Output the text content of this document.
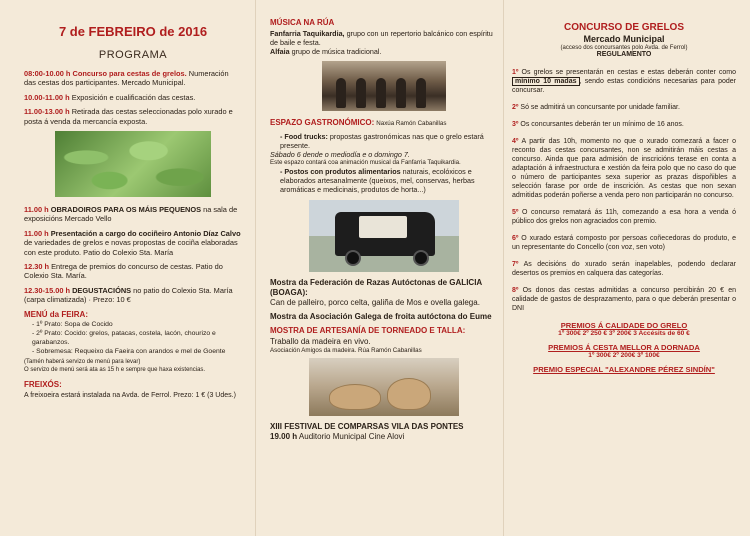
7 de FEBREIRO de 2016
PROGRAMA
08:00-10.00 h Concurso para cestas de grelos. Numeración das cestas dos participantes. Mercado Municipal.
10.00-11.00 h Exposición e cualificación das cestas.
11.00-13.00 h Retirada das cestas seleccionadas polo xurado e posta á venda da mercancía exposta.
11.00 h OBRADOIROS PARA OS MÁIS PEQUENOS na sala de exposicións Mercado Vello
11.00 h Presentación a cargo do cociñeiro Antonio Díaz Calvo de variedades de grelos e novas propostas de cociña elaboradas con este produto. Patio do Colexio Sta. María
12.30 h Entrega de premios do concurso de cestas. Patio do Colexio Sta. María.
12.30-15.00 h DEGUSTACIÓNS no patio do Colexio Sta. María (carpa climatizada) · Prezo: 10 €
MENÚ da FEIRA:
- 1º Prato: Sopa de Cocido
- 2º Prato: Cocido: grelos, patacas, costela, lacón, chourizo e garabanzos.
- Sobremesa: Requeixo da Faeira con arandos e mel de Goente
(Tamén haberá servizo de menú para levar)
O servizo de menú será ata as 15 h e sempre que haxa existencias.
FREIXÓS:
A freixoeira estará instalada na Avda. de Ferrol. Prezo: 1 € (3 Udes.)
MÚSICA NA RÚA
Fanfarria Taquikardia, grupo con un repertorio balcánico con espíritu de baile e festa.
Alfaia grupo de música tradicional.
ESPAZO GASTRONÓMICO: Naxúa Ramón Cabanillas
- Food trucks: propostas gastronómicas nas que o grelo estará presente.
Sábado 6 dende o mediodía e o domingo 7.
Este espazo contará coa animación musical da Fanfarria Taquikardia.
- Postos con produtos alimentarios naturais, ecolóxicos e elaborados artesanalmente (queixos, mel, conservas, herbas aromáticas e medicinais, produtos de horta...)
Mostra da Federación de Razas Autóctonas de GALICIA (BOAGA):
Can de palleiro, porco celta, galiña de Mos e ovella galega.
Mostra da Asociación Galega de froita autóctona do Eume
MOSTRA DE ARTESANÍA DE TORNEADO E TALLA:
Traballo da madeira en vivo.
Asociación Amigos da madeira. Rúa Ramón Cabanillas
XIII FESTIVAL DE COMPARSAS VILA DAS PONTES
19.00 h Auditorio Municipal Cine Alovi
CONCURSO DE GRELOS
Mercado Municipal
(acceso dos concursantes polo Avda. de Ferrol)
REGULAMENTO
1º Os grelos se presentarán en cestas e estas deberán conter como mínimo 10 madas , sendo estas condicións necesarias para poder concursar.
2º Só se admitirá un concursante por unidade familiar.
3º Os concursantes deberán ter un mínimo de 16 anos.
4º A partir das 10h, momento no que o xurado comezará a facer o reconto das cestas concursantes, non se admitirán máis cestas a concurso. Ainda que para admisión de inscricións terase en conta a adaptación á infraestructura e xestión da feira polo que no caso do que o número de participantes sexa superior as prazas dispoñibles a selección farase por orde de inscrición. As cestas que non sexan admitidas poderán poñerse a venda pero non participarán no concurso.
5º O concurso rematará ás 11h, comezando a esa hora a venda ó público dos grelos non agraciados con premio.
6º O xurado estará composto por persoas coñecedoras do produto, e un representante do Concello (con voz, sen voto)
7º As decisións do xurado serán inapelables, podendo declarar desertos os premios en calquera das categorías.
8º Os donos das cestas admitidas a concurso percibirán 20 € en calidade de gastos de desprazamento, para o que deberán presentar o DNI
PREMIOS Á CALIDADE DO GRELO
1º 300€ 2º 250 € 3º 200€ 3 Accésits de 60 €
PREMIOS Á CESTA MELLOR A DORNADA
1º 300€ 2º 200€ 3º 100€
PREMIO ESPECIAL "ALEXANDRE PÉREZ SINDÍN"
